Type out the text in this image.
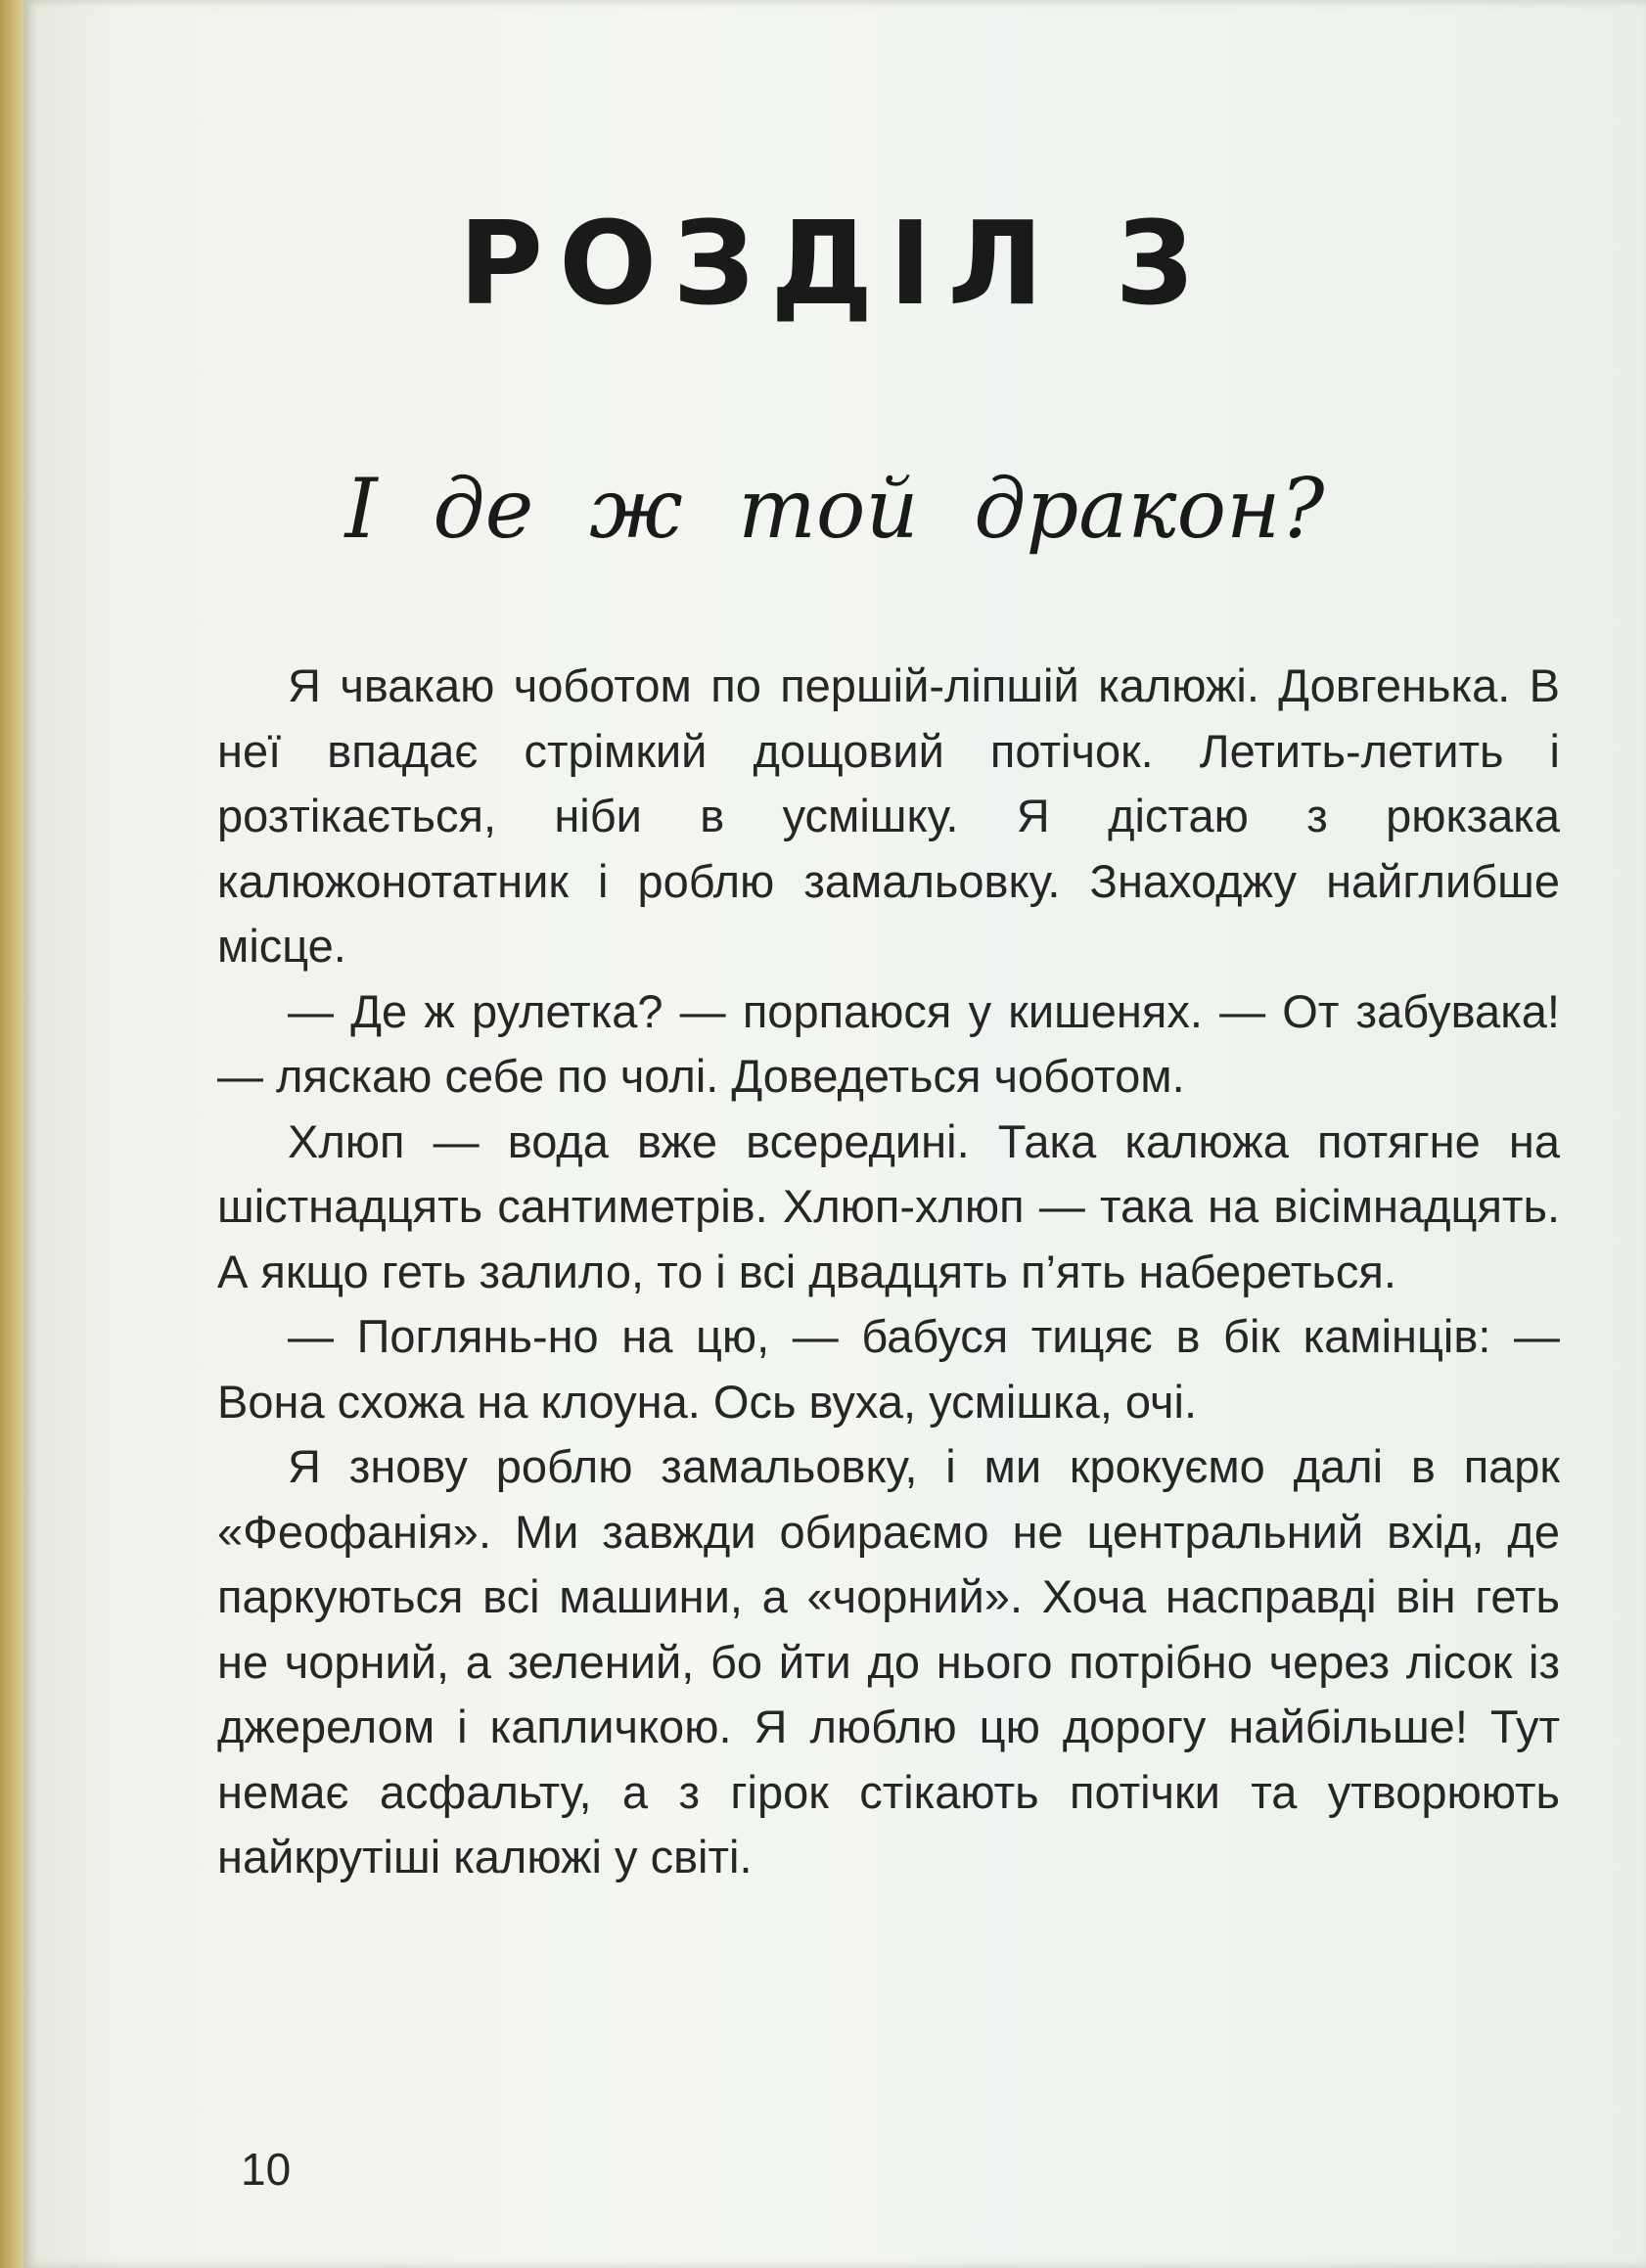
РОЗДІЛ 3
І де ж той дракон?

Я чвакаю чоботом по першій-ліпшій калюжі. Довгенька. В неї впадає стрімкий дощовий потічок. Летить-летить і розтікається, ніби в усмішку. Я дістаю з рюкзака калюжонотатник і роблю замальовку. Знаходжу найглибше місце.

— Де ж рулетка? — порпаюся у кишенях. — От забувака! — ляскаю себе по чолі. Доведеться чоботом.

Хлюп — вода вже всередині. Така калюжа потягне на шістнадцять сантиметрів. Хлюп-хлюп — така на вісімнадцять. А якщо геть залило, то і всі двадцять п’ять набереться.

— Поглянь-но на цю, — бабуся тицяє в бік камінців: — Вона схожа на клоуна. Ось вуха, усмішка, очі.

Я знову роблю замальовку, і ми крокуємо далі в парк «Феофанія». Ми завжди обираємо не центральний вхід, де паркуються всі машини, а «чорний». Хоча насправді він геть не чорний, а зелений, бо йти до нього потрібно через лісок із джерелом і капличкою. Я люблю цю дорогу найбільше! Тут немає асфальту, а з гірок стікають потічки та утворюють найкрутіші калюжі у світі.

10
